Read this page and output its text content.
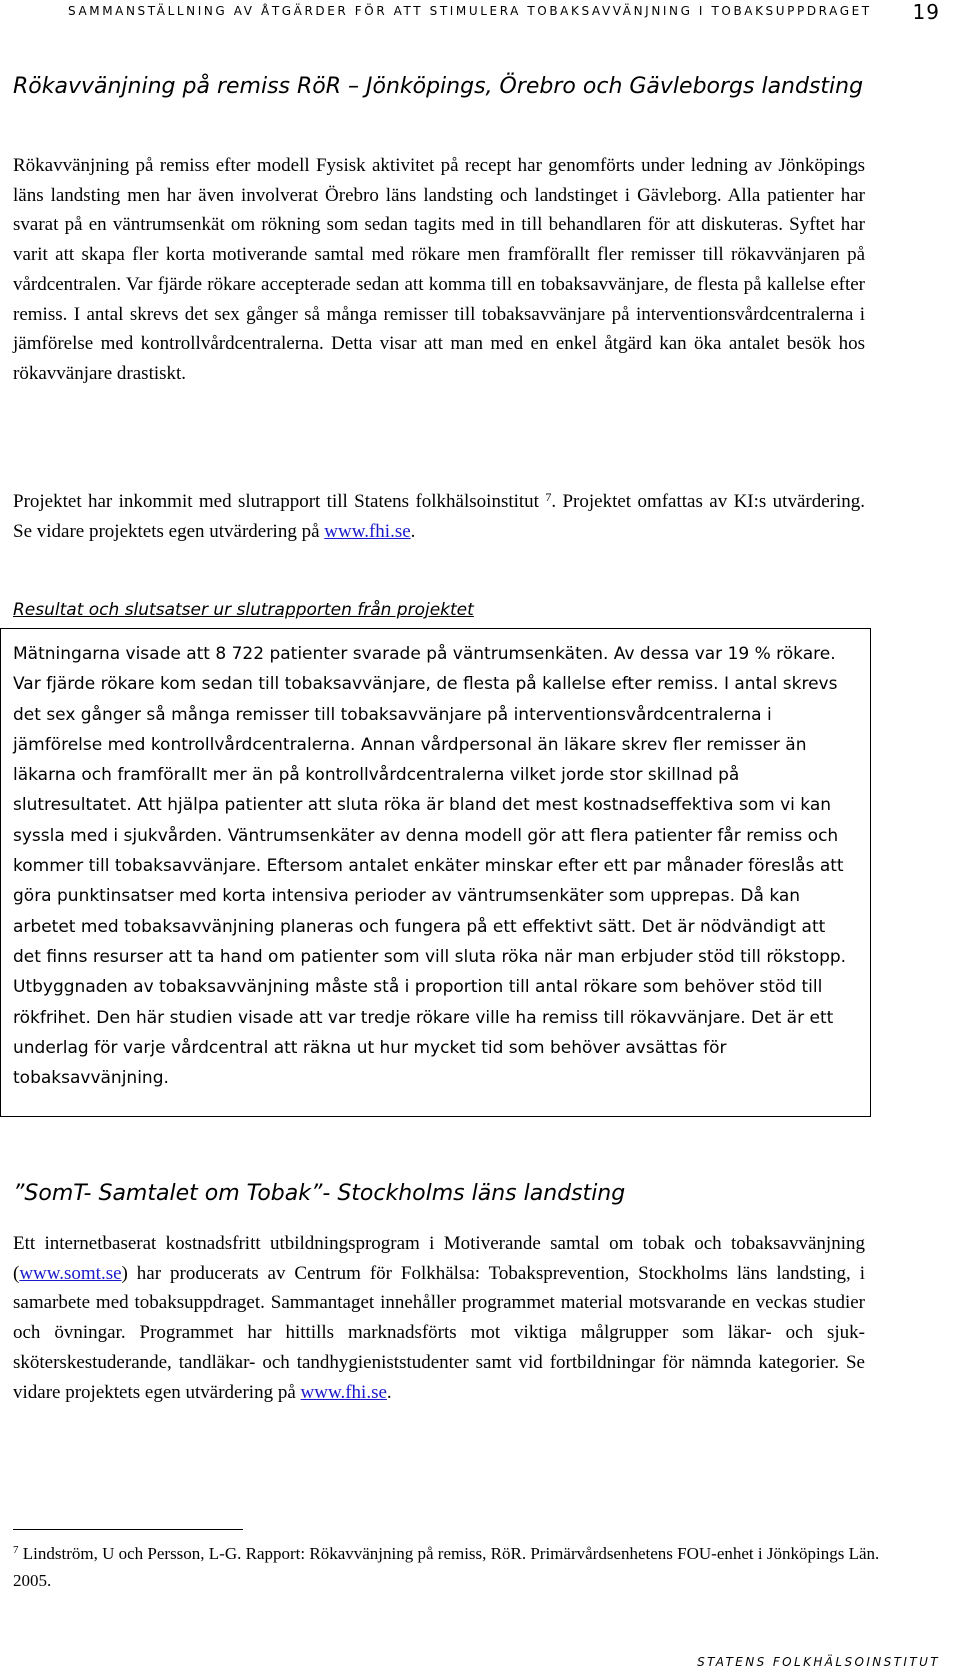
SAMMANSTÄLLNING AV ÅTGÄRDER FÖR ATT STIMULERA TOBAKSAVVÄNJNING I TOBAKSUPPDRAGET	19
Rökavvänjning på remiss RöR – Jönköpings, Örebro och Gävleborgs landsting
Rökavvänjning på remiss efter modell Fysisk aktivitet på recept har genomförts under ledning av Jönköpings läns landsting men har även involverat Örebro läns landsting och landstinget i Gävleborg. Alla patienter har svarat på en väntrumsenkät om rökning som sedan tagits med in till behandlaren för att diskuteras. Syftet har varit att skapa fler korta motiverande samtal med rökare men framförallt fler remisser till rökavvänjaren på vårdcentralen. Var fjärde rökare accepterade sedan att komma till en tobaksavvänjare, de flesta på kallelse efter remiss. I antal skrevs det sex gånger så många remisser till tobaksavvänjare på interventionsvårdcentralerna i jämförelse med kontrollvårdcentralerna. Detta visar att man med en enkel åtgärd kan öka antalet besök hos rökavvänjare drastiskt.
Projektet har inkommit med slutrapport till Statens folkhälsoinstitut $^7$. Projektet omfattas av KI:s utvärdering. Se vidare projektets egen utvärdering på www.fhi.se.
Resultat och slutsatser ur slutrapporten från projektet
Mätningarna visade att 8 722 patienter svarade på väntrumsenkäten. Av dessa var 19 % rökare. Var fjärde rökare kom sedan till tobaksavvänjare, de flesta på kallelse efter remiss. I antal skrevs det sex gånger så många remisser till tobaksavvänjare på interventionsvårdcentralerna i jämförelse med kontrollvårdcentralerna. Annan vårdpersonal än läkare skrev fler remisser än läkarna och framförallt mer än på kontrollvårdcentralerna vilket jorde stor skillnad på slutresultatet. Att hjälpa patienter att sluta röka är bland det mest kostnadseffektiva som vi kan syssla med i sjukvården. Väntrumsenkäter av denna modell gör att flera patienter får remiss och kommer till tobaksavvänjare. Eftersom antalet enkäter minskar efter ett par månader föreslås att göra punktinsatser med korta intensiva perioder av väntrumsenkäter som upprepas. Då kan arbetet med tobaksavvänjning planeras och fungera på ett effektivt sätt. Det är nödvändigt att det finns resurser att ta hand om patienter som vill sluta röka när man erbjuder stöd till rökstopp. Utbyggnaden av tobaksavvänjning måste stå i proportion till antal rökare som behöver stöd till rökfrihet. Den här studien visade att var tredje rökare ville ha remiss till rökavvänjare. Det är ett underlag för varje vårdcentral att räkna ut hur mycket tid som behöver avsättas för tobaksavvänjning.
”SomT- Samtalet om Tobak”- Stockholms läns landsting
Ett internetbaserat kostnadsfritt utbildningsprogram i Motiverande samtal om tobak och tobaksavvänjning (www.somt.se) har producerats av Centrum för Folkhälsa: Tobaksprevention, Stockholms läns landsting, i samarbete med tobaksuppdraget. Sammantaget innehåller programmet material motsvarande en veckas studier och övningar. Programmet har hittills marknadsförts mot viktiga målgrupper som läkar- och sjuksköterskestuderande, tandläkar- och tandhygieniststudenter samt vid fortbildningar för nämnda kategorier. Se vidare projektets egen utvärdering på www.fhi.se.
$^7$ Lindström, U och Persson, L-G. Rapport: Rökavvänjning på remiss, RöR. Primärvårdsenhetens FOU-enhet i Jönköpings Län. 2005.
STATENS FOLKHÄLSOINSTITUT
